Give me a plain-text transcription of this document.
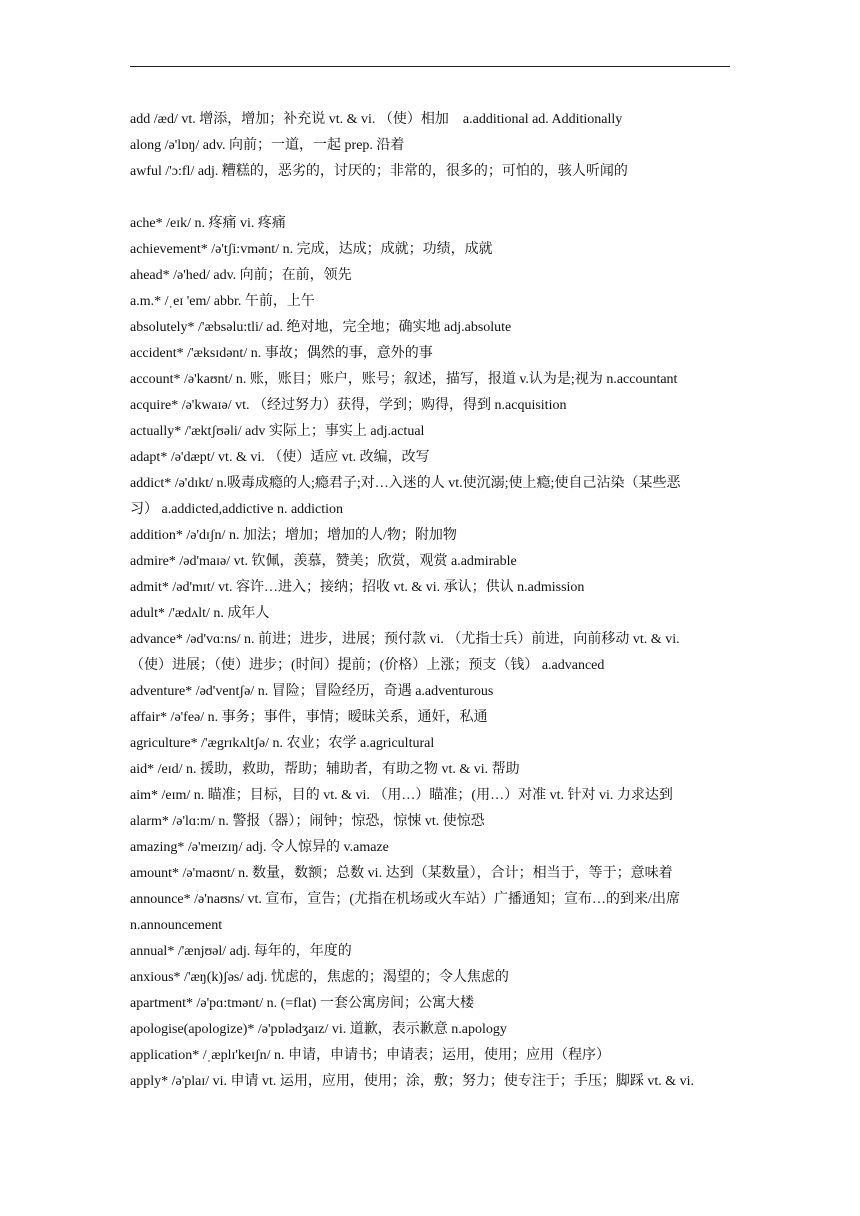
add /æd/ vt. 增添，增加；补充说 vt. & vi. （使）相加　a.additional ad. Additionally
along /ə'lɒŋ/ adv. 向前；一道，一起 prep. 沿着
awful /'ɔ:fl/ adj. 糟糕的，恶劣的，讨厌的；非常的，很多的；可怕的，骇人听闻的
ache* /eɪk/ n. 疼痛 vi. 疼痛
achievement* /ə'tʃi:vmənt/ n. 完成，达成；成就；功绩，成就
ahead* /ə'hed/ adv. 向前；在前，领先
a.m.* /ˌeɪ 'em/ abbr. 午前，上午
absolutely* /'æbsəlu:tli/ ad. 绝对地，完全地；确实地 adj.absolute
accident* /'æksɪdənt/ n. 事故；偶然的事，意外的事
account* /ə'kaʊnt/ n. 账，账目；账户，账号；叙述，描写，报道 v.认为是;视为 n.accountant
acquire* /ə'kwaɪə/ vt. （经过努力）获得，学到；购得，得到 n.acquisition
actually* /'æktʃʊəli/ adv 实际上；事实上 adj.actual
adapt* /ə'dæpt/ vt. & vi. （使）适应 vt. 改编，改写
addict* /ə'dɪkt/ n.吸毒成瘾的人;瘾君子;对…入迷的人 vt.使沉溺;使上瘾;使自己沾染（某些恶
习） a.addicted,addictive n. addiction
addition* /ə'dɪʃn/ n. 加法；增加；增加的人/物；附加物
admire* /əd'maɪə/ vt. 钦佩，羡慕，赞美；欣赏，观赏 a.admirable
admit* /əd'mɪt/ vt. 容许…进入；接纳；招收 vt. & vi. 承认；供认 n.admission
adult* /'ædʌlt/ n. 成年人
advance* /əd'vɑ:ns/ n. 前进；进步，进展；预付款 vi. （尤指士兵）前进，向前移动 vt. & vi.
（使）进展；（使）进步；(时间）提前；(价格）上涨；预支（钱） a.advanced
adventure* /əd'ventʃə/ n. 冒险；冒险经历，奇遇 a.adventurous
affair* /ə'feə/ n. 事务；事件，事情；暧昧关系，通奸，私通
agriculture* /'ægrɪkʌltʃə/ n. 农业；农学 a.agricultural
aid* /eɪd/ n. 援助，救助，帮助；辅助者，有助之物 vt. & vi. 帮助
aim* /eɪm/ n. 瞄准；目标，目的 vt. & vi. （用…）瞄准；(用…）对准 vt. 针对 vi. 力求达到
alarm* /ə'lɑ:m/ n. 警报（器）；闹钟；惊恐，惊悚 vt. 使惊恐
amazing* /ə'meɪzɪŋ/ adj. 令人惊异的 v.amaze
amount* /ə'maʊnt/ n. 数量，数额；总数 vi. 达到（某数量），合计；相当于，等于；意味着
announce* /ə'naʊns/ vt. 宣布，宣告；(尤指在机场或火车站）广播通知；宣布…的到来/出席
n.announcement
annual* /'ænjʊəl/ adj. 每年的，年度的
anxious* /'æŋ(k)ʃəs/ adj. 忧虑的，焦虑的；渴望的；令人焦虑的
apartment* /ə'pɑ:tmənt/ n. (=flat) 一套公寓房间；公寓大楼
apologise(apologize)* /ə'pɒlədʒaɪz/ vi. 道歉，表示歉意 n.apology
application* /ˌæplɪ'keɪʃn/ n. 申请，申请书；申请表；运用，使用；应用（程序）
apply* /ə'plaɪ/ vi. 申请 vt. 运用，应用，使用；涂，敷；努力；使专注于；手压；脚踩 vt. & vi.
